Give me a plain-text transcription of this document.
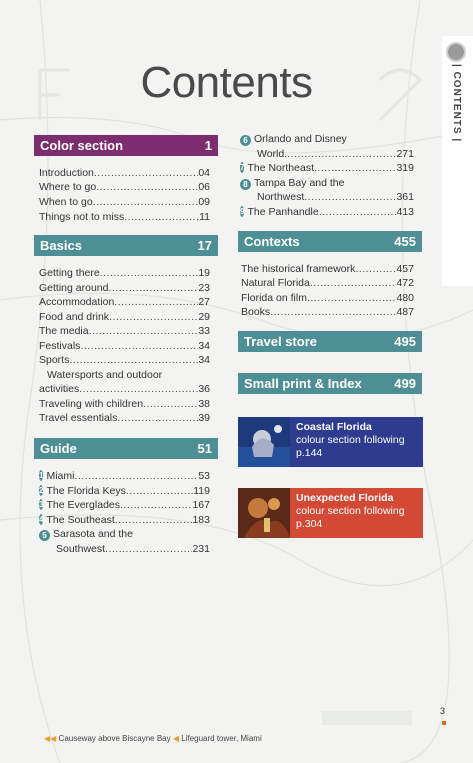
Contents	| CONTENTS |
Color section	1
Introduction .....	04
Where to go .....	06
When to go .....	09
Things not to miss .....	11
Basics	17
Getting there .....	19
Getting around .....	23
Accommodation .....	27
Food and drink .....	29
The media .....	33
Festivals .....	34
Sports .....	34
Watersports and outdoor
activities .....	36
Traveling with children .....	38
Travel essentials .....	39
Guide	51
1 Miami .....	53
2 The Florida Keys .....	119
3 The Everglades .....	167
4 The Southeast .....	183
5 Sarasota and the
Southwest .....	231
6 Orlando and Disney
World. .....	271
7 The Northeast .....	319
8 Tampa Bay and the
Northwest .....	361
9 The Panhandle .....	413
Contexts	455
The historical framework .....	457
Natural Florida .....	472
Florida on film .....	480
Books .....	487
Travel store	495
Small print & Index	499
Coastal Florida
colour section following
p.144
Unexpected Florida
colour section following
p.304
3
◀◀ Causeway above Biscayne Bay ◀ Lifeguard tower, Miami
